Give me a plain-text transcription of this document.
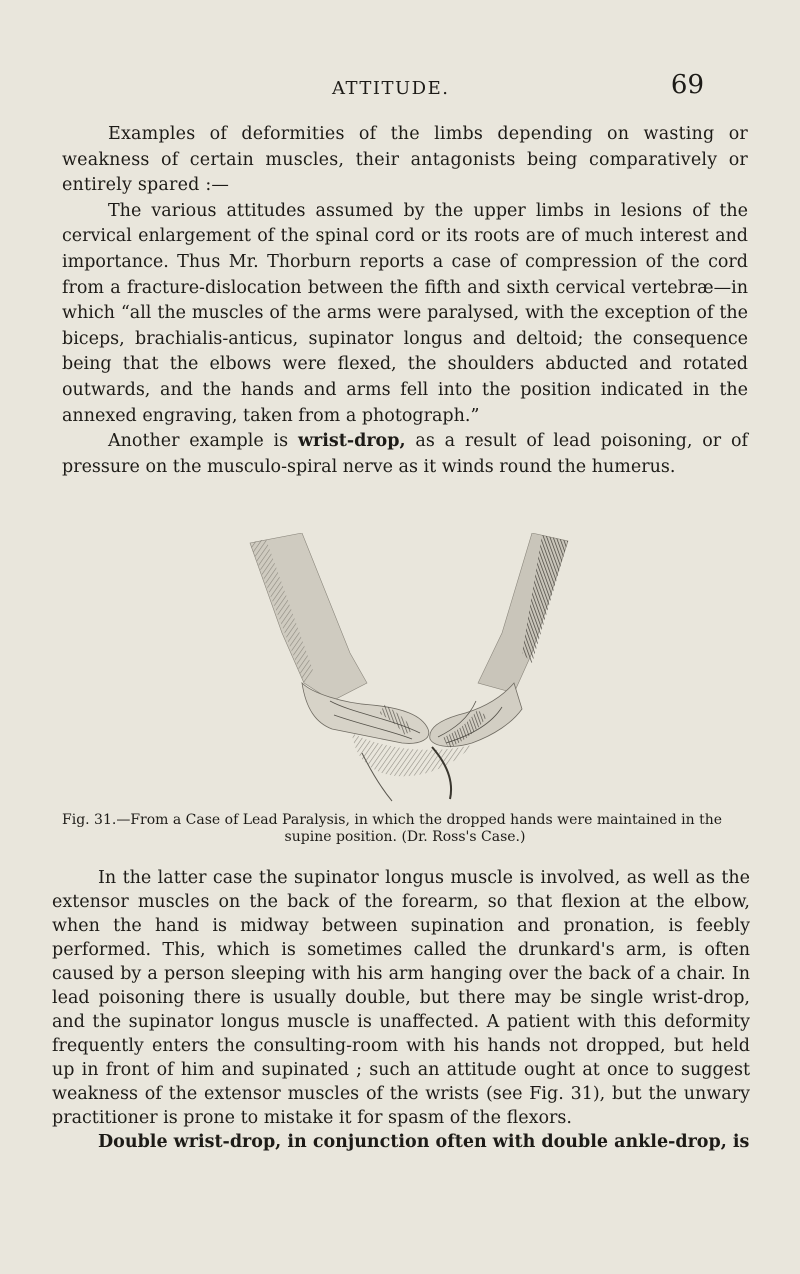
ATTITUDE.	69

Examples of deformities of the limbs depending on wasting or weakness of certain muscles, their antagonists being comparatively or entirely spared :—

The various attitudes assumed by the upper limbs in lesions of the cervical enlargement of the spinal cord or its roots are of much interest and importance. Thus Mr. Thorburn reports a case of compression of the cord from a fracture-dislocation between the fifth and sixth cervical vertebræ—in which “all the muscles of the arms were paralysed, with the exception of the biceps, brachialis-anticus, supinator longus and deltoid; the consequence being that the elbows were flexed, the shoulders abducted and rotated outwards, and the hands and arms fell into the position indicated in the annexed engraving, taken from a photograph.”

Another example is wrist-drop, as a result of lead poisoning, or of pressure on the musculo-spiral nerve as it winds round the humerus.

Fig. 31.—From a Case of Lead Paralysis, in which the dropped hands were maintained in the
supine position. (Dr. Ross's Case.)

In the latter case the supinator longus muscle is involved, as well as the extensor muscles on the back of the forearm, so that flexion at the elbow, when the hand is midway between supination and pronation, is feebly performed. This, which is sometimes called the drunkard's arm, is often caused by a person sleeping with his arm hanging over the back of a chair. In lead poisoning there is usually double, but there may be single wrist-drop, and the supinator longus muscle is unaffected. A patient with this deformity frequently enters the consulting-room with his hands not dropped, but held up in front of him and supinated ; such an attitude ought at once to suggest weakness of the extensor muscles of the wrists (see Fig. 31), but the unwary practitioner is prone to mistake it for spasm of the flexors.

Double wrist-drop, in conjunction often with double ankle-drop, is
